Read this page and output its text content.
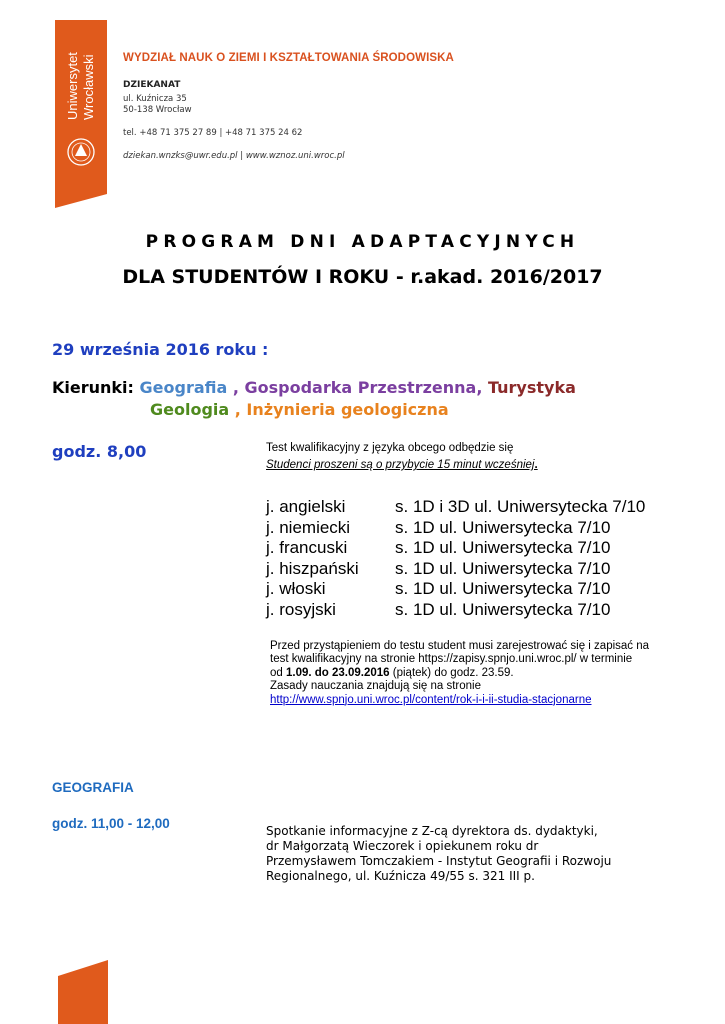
Uniwersytet Wrocławski WYDZIAŁ NAUK O ZIEMI I KSZTAŁTOWANIA ŚRODOWISKA
DZIEKANAT
ul. Kuźnicza 35
50-138 Wrocław
tel. +48 71 375 27 89 | +48 71 375 24 62
dziekan.wnzks@uwr.edu.pl | www.wznoz.uni.wroc.pl
PROGRAM DNI ADAPTACYJNYCH
DLA STUDENTÓW I ROKU - r.akad. 2016/2017
29 września 2016 roku :
Kierunki: Geografia , Gospodarka Przestrzenna, Turystyka
Geologia , Inżynieria geologiczna
godz. 8,00	Test kwalifikacyjny z języka obcego odbędzie się
Studenci proszeni są o przybycie 15 minut wcześniej.
j. angielski	s. 1D i 3D ul. Uniwersytecka 7/10
j. niemiecki	s. 1D ul. Uniwersytecka 7/10
j. francuski	s. 1D ul. Uniwersytecka 7/10
j. hiszpański	s. 1D ul. Uniwersytecka 7/10
j. włoski	s. 1D ul. Uniwersytecka 7/10
j. rosyjski	s. 1D ul. Uniwersytecka 7/10
Przed przystąpieniem do testu student musi zarejestrować się i zapisać na
test kwalifikacyjny na stronie https://zapisy.spnjo.uni.wroc.pl/ w terminie
od 1.09. do 23.09.2016 (piątek) do godz. 23.59.
Zasady nauczania znajdują się na stronie
http://www.spnjo.uni.wroc.pl/content/rok-i-i-ii-studia-stacjonarne
GEOGRAFIA
godz. 11,00 - 12,00	Spotkanie informacyjne z Z-cą dyrektora ds. dydaktyki,
dr Małgorzatą Wieczorek i opiekunem roku dr
Przemysławem Tomczakiem - Instytut Geografii i Rozwoju
Regionalnego, ul. Kuźnicza 49/55 s. 321 III p.
